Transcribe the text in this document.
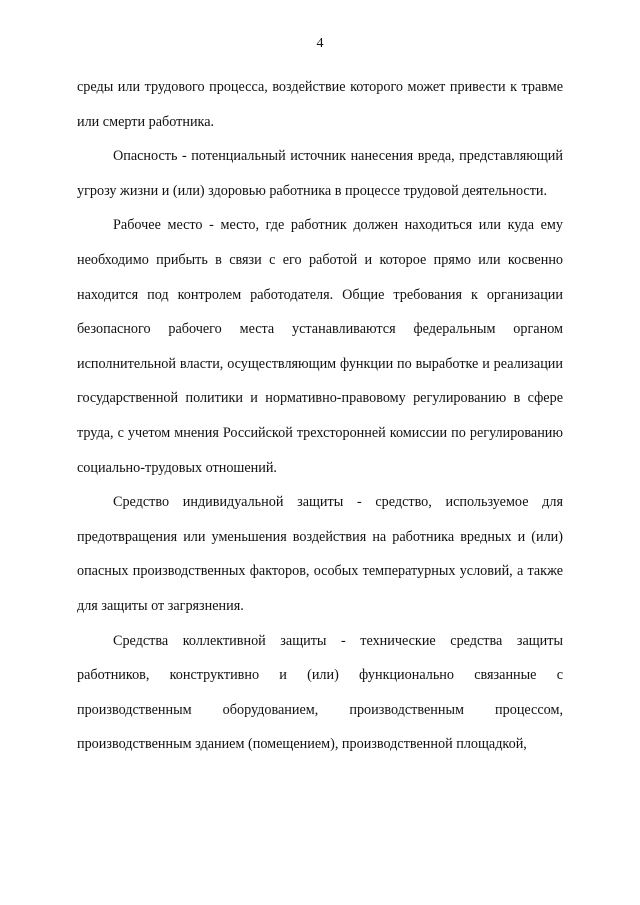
4

среды или трудового процесса, воздействие которого может привести к травме или смерти работника.

Опасность - потенциальный источник нанесения вреда, представляющий угрозу жизни и (или) здоровью работника в процессе трудовой деятельности.

Рабочее место - место, где работник должен находиться или куда ему необходимо прибыть в связи с его работой и которое прямо или косвенно находится под контролем работодателя. Общие требования к организации безопасного рабочего места устанавливаются федеральным органом исполнительной власти, осуществляющим функции по выработке и реализации государственной политики и нормативно-правовому регулированию в сфере труда, с учетом мнения Российской трехсторонней комиссии по регулированию социально-трудовых отношений.

Средство индивидуальной защиты - средство, используемое для предотвращения или уменьшения воздействия на работника вредных и (или) опасных производственных факторов, особых температурных условий, а также для защиты от загрязнения.

Средства коллективной защиты - технические средства защиты работников, конструктивно и (или) функционально связанные с производственным оборудованием, производственным процессом, производственным зданием (помещением), производственной площадкой,
